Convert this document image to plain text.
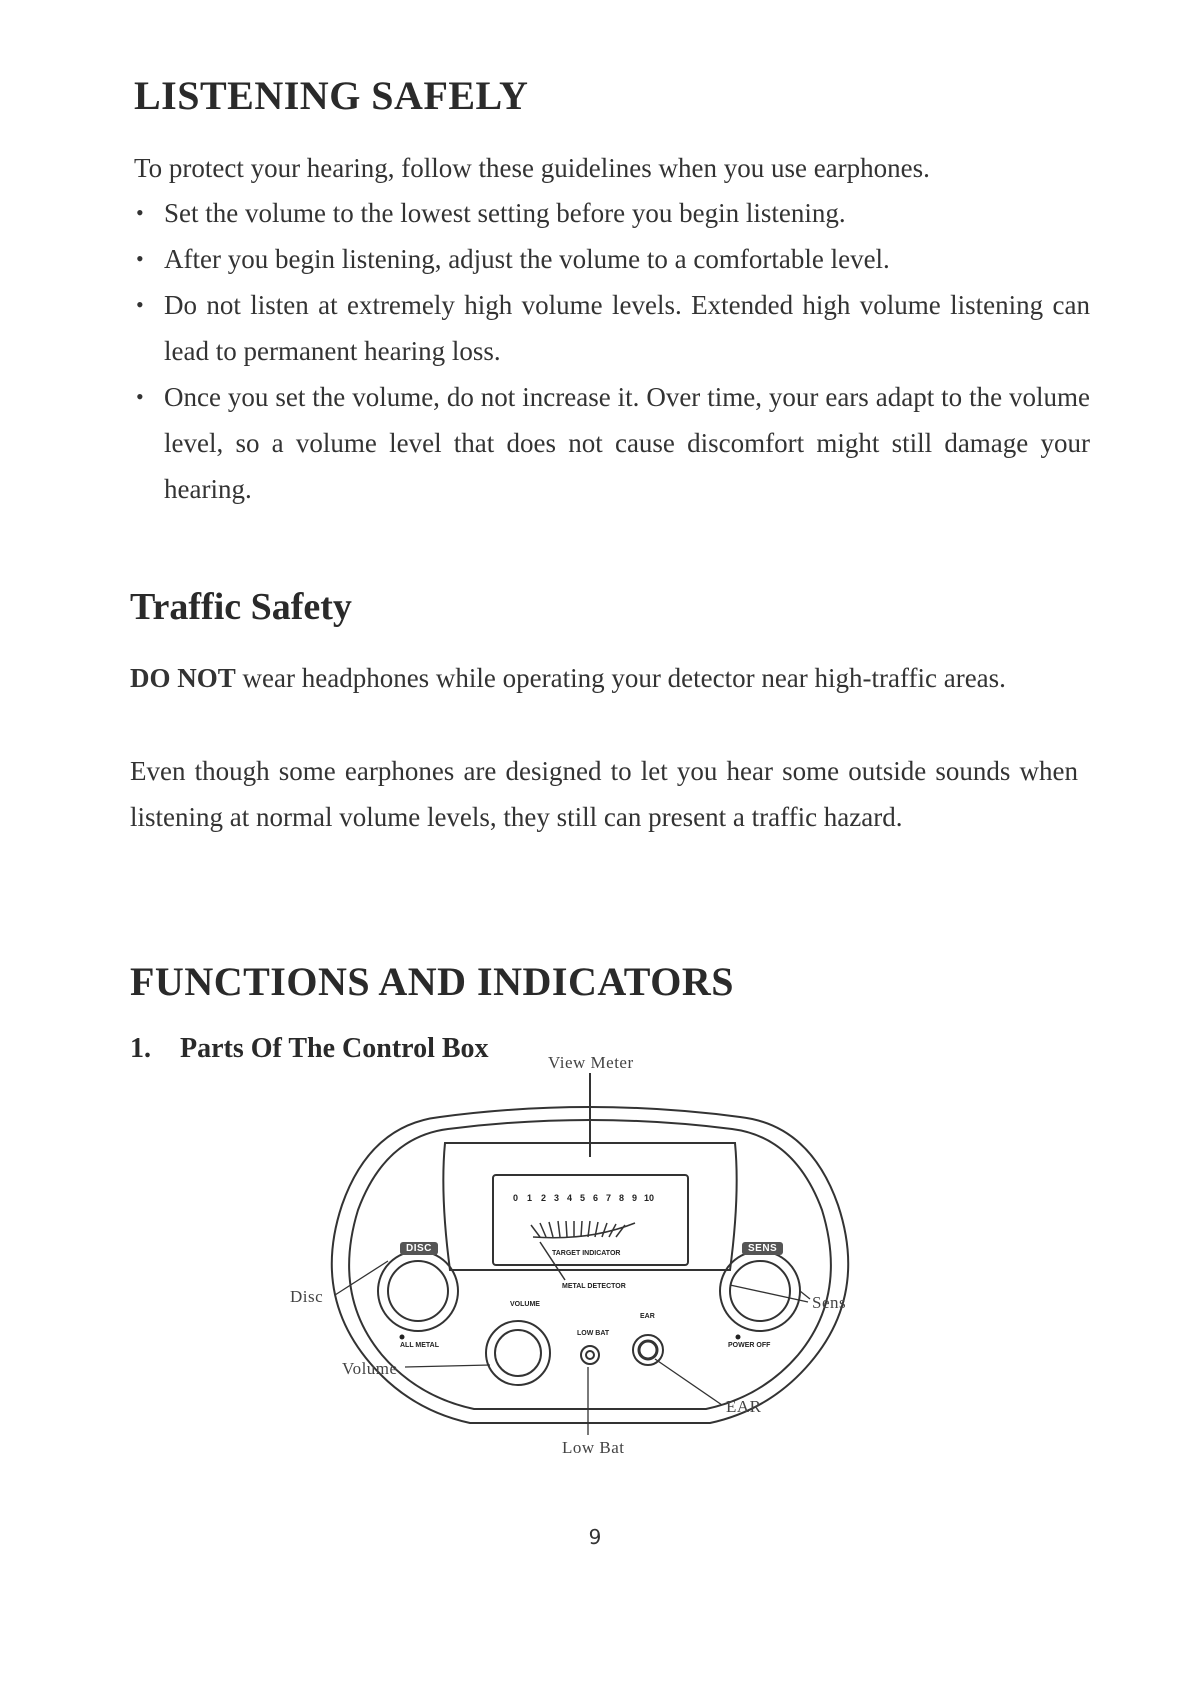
LISTENING SAFELY

To protect your hearing, follow these guidelines when you use earphones.

• Set the volume to the lowest setting before you begin listening.
• After you begin listening, adjust the volume to a comfortable level.
• Do not listen at extremely high volume levels. Extended high volume listening can lead to permanent hearing loss.
• Once you set the volume, do not increase it. Over time, your ears adapt to the volume level, so a volume level that does not cause discomfort might still damage your hearing.
Traffic Safety

DO NOT wear headphones while operating your detector near high-traffic areas.

Even though some earphones are designed to let you hear some outside sounds when listening at normal volume levels, they still can present a traffic hazard.

FUNCTIONS AND INDICATORS
1. Parts Of The Control Box
0 1 2 3 4 5 6 7 8 9 10
TARGET INDICATOR
METAL DETECTOR
VOLUME
EAR
LOW BAT
ALL METAL	POWER OFF
DISC	SENS
View Meter
Disc	Sens
Volume
EAR
Low Bat
9
